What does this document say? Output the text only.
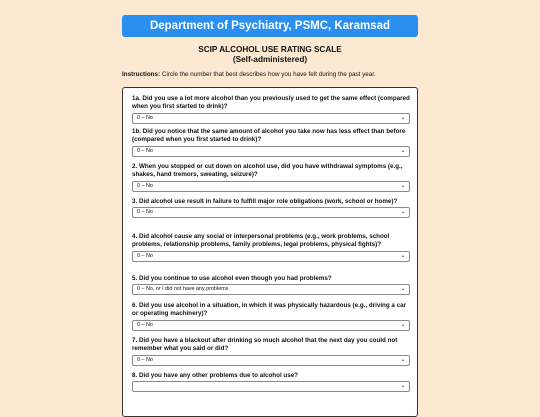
Department of Psychiatry, PSMC, Karamsad
SCIP ALCOHOL USE RATING SCALE
(Self-administered)
Instructions: Circle the number that best describes how you have felt during the past year.
1a. Did you use a lot more alcohol than you previously used to get the same effect (compared when you first started to drink)?
0 – No	⌄
1b. Did you notice that the same amount of alcohol you take now has less effect than before (compared when you first started to drink)?
0 – No	⌄
2. When you stopped or cut down on alcohol use, did you have withdrawal symptoms (e.g., shakes, hand tremors, sweating, seizure)?
0 – No	⌄
3. Did alcohol use result in failure to fulfill major role obligations (work, school or home)?
0 – No	⌄
4. Did alcohol cause any social or interpersonal problems (e.g., work problems, school problems, relationship problems, family problems, legal problems, physical fights)?
0 – No	⌄
5. Did you continue to use alcohol even though you had problems?
0 – No, or I did not have any problems	⌄
6. Did you use alcohol in a situation, in which it was physically hazardous (e.g., driving a car or operating machinery)?
0 – No	⌄
7. Did you have a blackout after drinking so much alcohol that the next day you could not remember what you said or did?
0 – No	⌄
8. Did you have any other problems due to alcohol use?
⌄
